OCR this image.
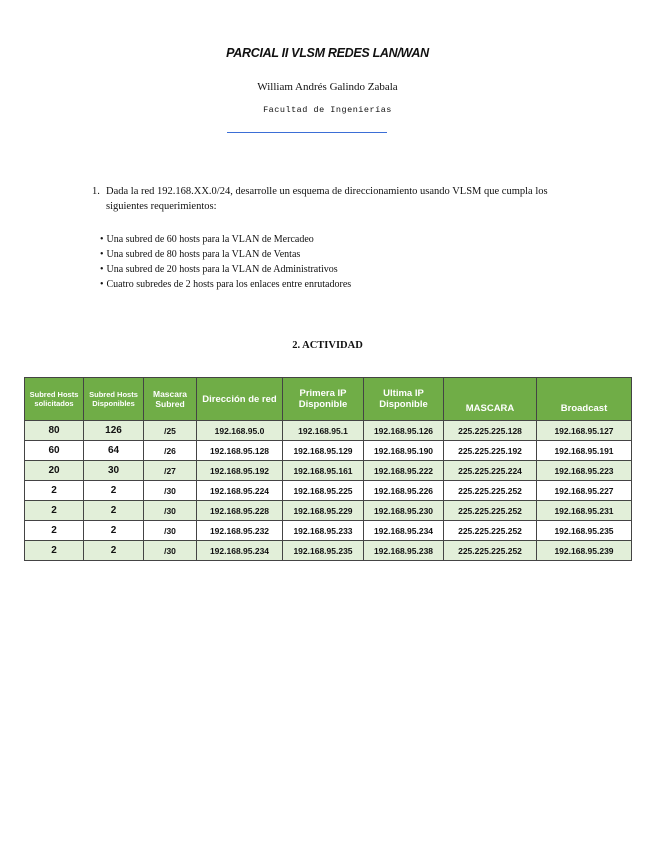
PARCIAL II VLSM REDES LAN/WAN
William Andrés Galindo Zabala
Facultad de Ingenierías
1. Dada la red 192.168.XX.0/24, desarrolle un esquema de direccionamiento usando VLSM que cumpla los siguientes requerimientos:
• Una subred de 60 hosts para la VLAN de Mercadeo
• Una subred de 80 hosts para la VLAN de Ventas
• Una subred de 20 hosts para la VLAN de Administrativos
• Cuatro subredes de 2 hosts para los enlaces entre enrutadores
2. ACTIVIDAD
Subred Hosts solicitados	Subred Hosts Disponibles	Mascara Subred	Dirección de red	Primera IP Disponible	Ultima IP Disponible	MASCARA	Broadcast
80	126	/25	192.168.95.0	192.168.95.1	192.168.95.126	225.225.225.128	192.168.95.127
60	64	/26	192.168.95.128	192.168.95.129	192.168.95.190	225.225.225.192	192.168.95.191
20	30	/27	192.168.95.192	192.168.95.161	192.168.95.222	225.225.225.224	192.168.95.223
2	2	/30	192.168.95.224	192.168.95.225	192.168.95.226	225.225.225.252	192.168.95.227
2	2	/30	192.168.95.228	192.168.95.229	192.168.95.230	225.225.225.252	192.168.95.231
2	2	/30	192.168.95.232	192.168.95.233	192.168.95.234	225.225.225.252	192.168.95.235
2	2	/30	192.168.95.234	192.168.95.235	192.168.95.238	225.225.225.252	192.168.95.239
